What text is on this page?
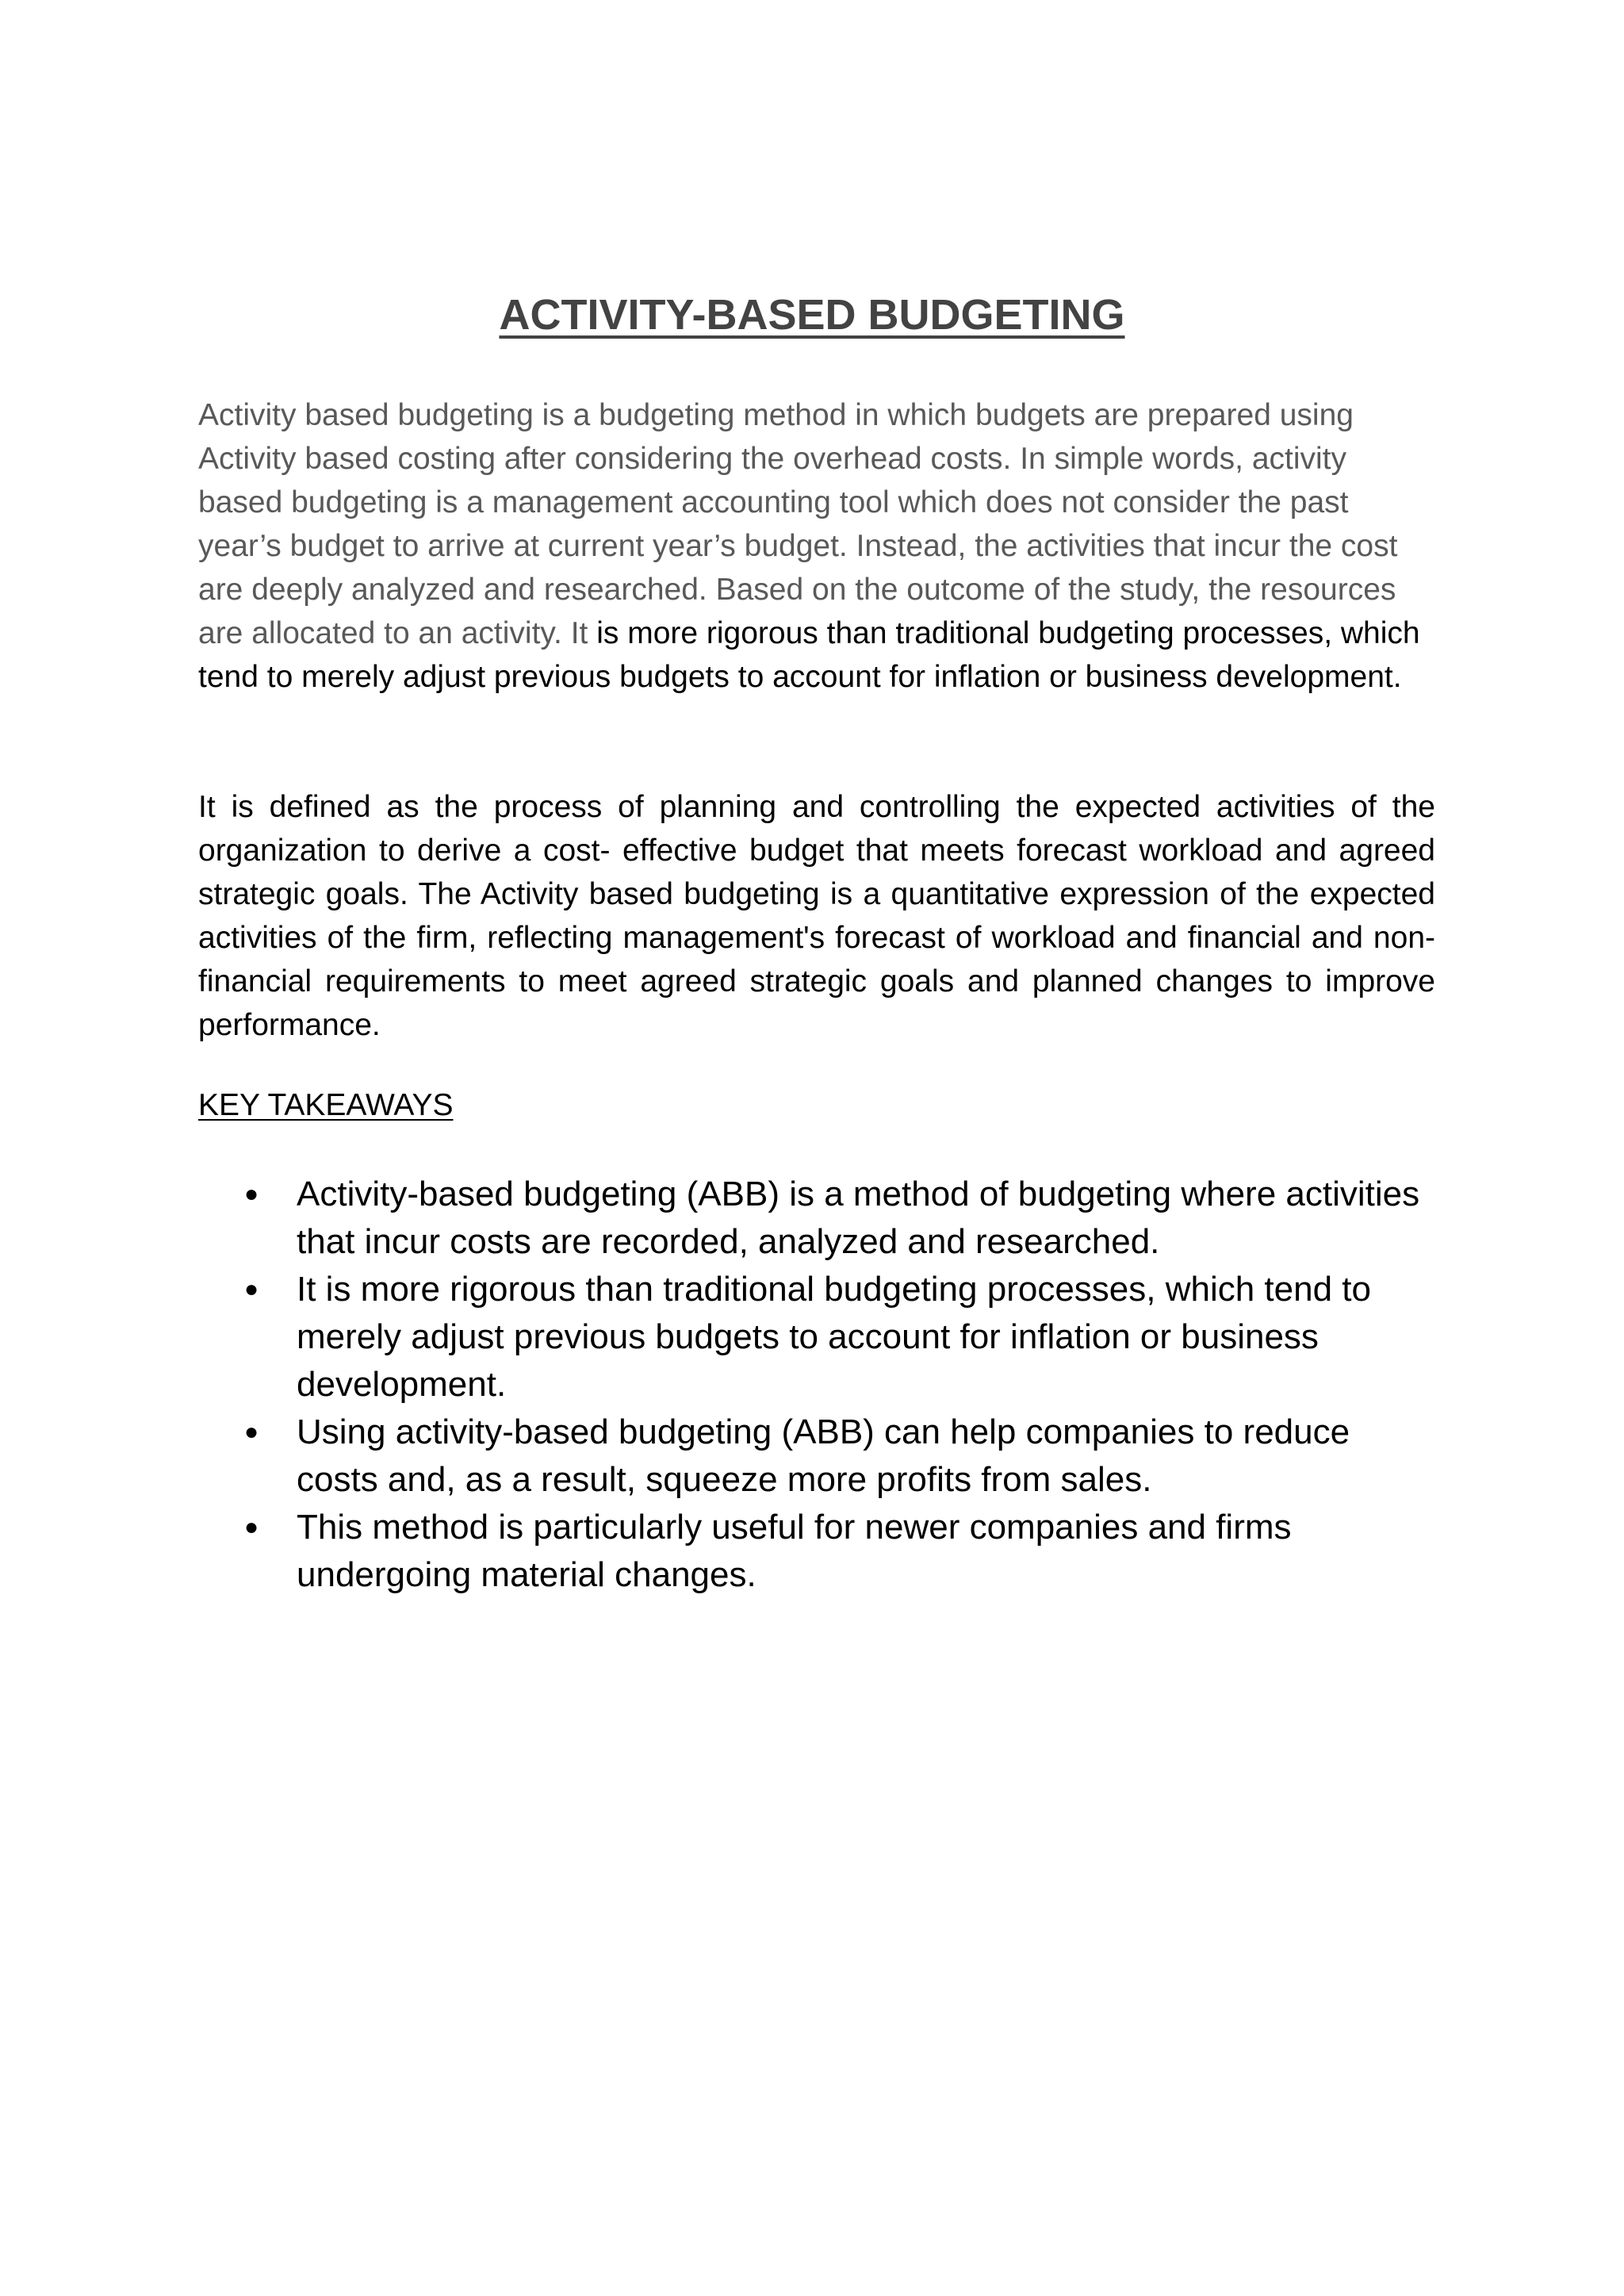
ACTIVITY-BASED BUDGETING

Activity based budgeting is a budgeting method in which budgets are prepared using Activity based costing after considering the overhead costs. In simple words, activity based budgeting is a management accounting tool which does not consider the past year’s budget to arrive at current year’s budget. Instead, the activities that incur the cost are deeply analyzed and researched. Based on the outcome of the study, the resources are allocated to an activity. It is more rigorous than traditional budgeting processes, which tend to merely adjust previous budgets to account for inflation or business development.

It is defined as the process of planning and controlling the expected activities of the organization to derive a cost- effective budget that meets forecast workload and agreed strategic goals. The Activity based budgeting is a quantitative expression of the expected activities of the firm, reflecting management's forecast of workload and financial and non-financial requirements to meet agreed strategic goals and planned changes to improve performance.

KEY TAKEAWAYS

● Activity-based budgeting (ABB) is a method of budgeting where activities that incur costs are recorded, analyzed and researched.
● It is more rigorous than traditional budgeting processes, which tend to merely adjust previous budgets to account for inflation or business development.
● Using activity-based budgeting (ABB) can help companies to reduce costs and, as a result, squeeze more profits from sales.
● This method is particularly useful for newer companies and firms undergoing material changes.
